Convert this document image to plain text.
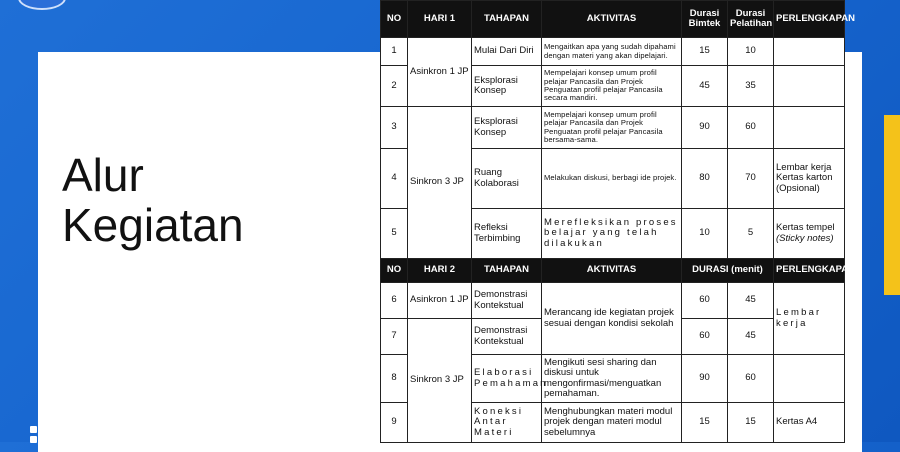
Alur
Kegiatan
NO	HARI 1	TAHAPAN	AKTIVITAS	Durasi Bimtek	Durasi Pelatihan	PERLENGKAPAN
1	Asinkron 1 JP	Mulai Dari Diri	Mengaitkan apa yang sudah dipahami dengan materi yang akan dipelajari.	15	10	
2		Eksplorasi Konsep	Mempelajari konsep umum profil pelajar Pancasila dan Projek Penguatan profil pelajar Pancasila secara mandiri.	45	35	
3	Sinkron 3 JP	Eksplorasi Konsep	Mempelajari konsep umum profil pelajar Pancasila dan Projek Penguatan profil pelajar Pancasila bersama-sama.	90	60	
4		Ruang Kolaborasi	Melakukan diskusi, berbagi ide projek.	80	70	Lembar kerja Kertas karton (Opsional)
5		Refleksi Terbimbing	Merefleksikan proses belajar yang telah dilakukan	10	5	Kertas tempel (Sticky notes)
NO	HARI 2	TAHAPAN	AKTIVITAS	DURASI (menit)		PERLENGKAPAN
6	Asinkron 1 JP	Demonstrasi Kontekstual	Merancang ide kegiatan projek sesuai dengan kondisi sekolah	60	45	Lembar kerja
7	Sinkron 3 JP	Demonstrasi Kontekstual		60	45	
8		Elaborasi Pemahaman	Mengikuti sesi sharing dan diskusi untuk mengonfirmasi/menguatkan pemahaman.	90	60	
9		Koneksi Antar Materi	Menghubungkan materi modul projek dengan materi modul sebelumnya	15	15	Kertas A4
